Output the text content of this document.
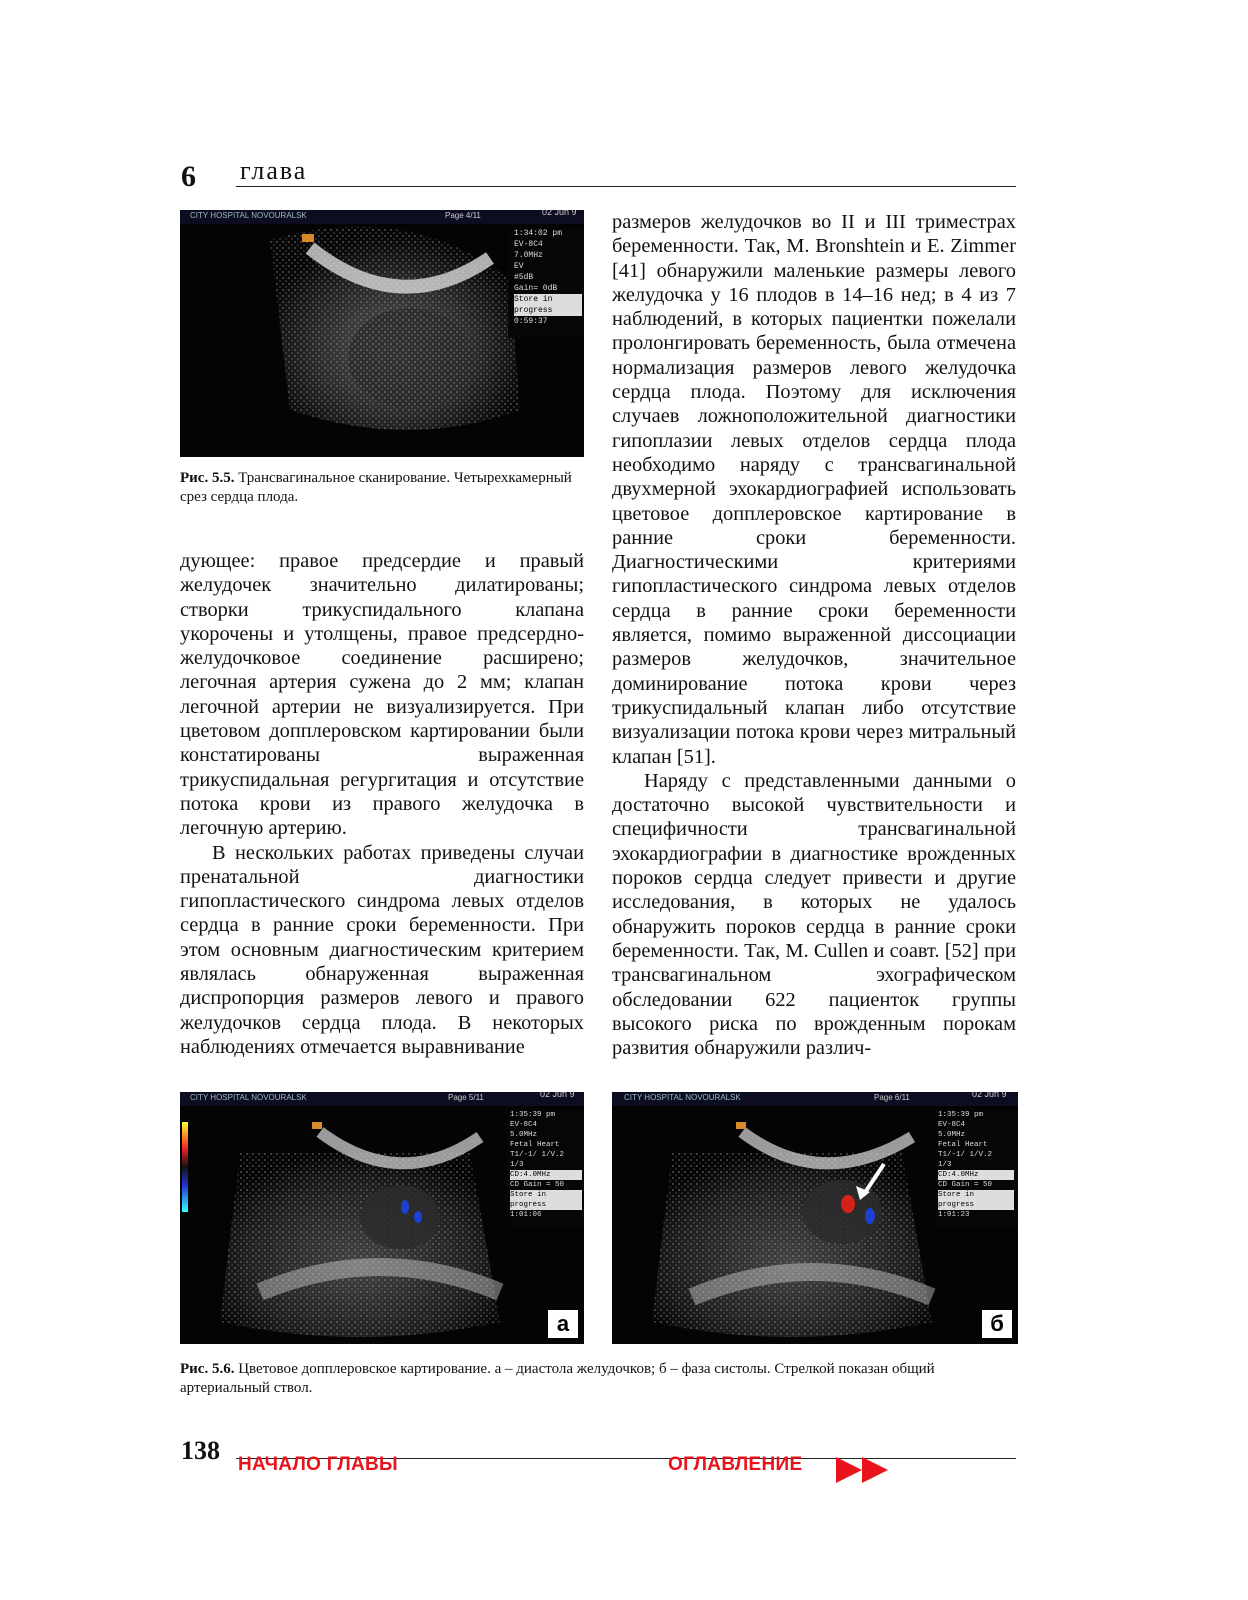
6 глава
CITY HOSPITAL NOVOURALSK	Page 4/11	02 Jun 9
1:34:02 pm
EV-8C4
7.0MHz
EV
#5dB
Gain= 0dB
Store in progress
0:59:37
Рис. 5.5. Трансвагинальное сканирование. Четырехкамерный срез сердца плода.

дующее: правое предсердие и правый желудочек значительно дилатированы; створки трикуспидального клапана укорочены и утолщены, правое предсердно-желудочковое соединение расширено; легочная артерия сужена до 2 мм; клапан легочной артерии не визуализируется. При цветовом допплеровском картировании были констатированы выраженная трикуспидальная регургитация и отсутствие потока крови из правого желудочка в легочную артерию.

В нескольких работах приведены случаи пренатальной диагностики гипопластического синдрома левых отделов сердца в ранние сроки беременности. При этом основным диагностическим критерием являлась обнаруженная выраженная диспропорция размеров левого и правого желудочков сердца плода. В некоторых наблюдениях отмечается выравнивание

размеров желудочков во II и III триместрах беременности. Так, M. Bronshtein и E. Zimmer [41] обнаружили маленькие размеры левого желудочка у 16 плодов в 14–16 нед; в 4 из 7 наблюдений, в которых пациентки пожелали пролонгировать беременность, была отмечена нормализация размеров левого желудочка сердца плода. Поэтому для исключения случаев ложноположительной диагностики гипоплазии левых отделов сердца плода необходимо наряду с трансвагинальной двухмерной эхокардиографией использовать цветовое допплеровское картирование в ранние сроки беременности. Диагностическими критериями гипопластического синдрома левых отделов сердца в ранние сроки беременности является, помимо выраженной диссоциации размеров желудочков, значительное доминирование потока крови через трикуспидальный клапан либо отсутствие визуализации потока крови через митральный клапан [51].

Наряду с представленными данными о достаточно высокой чувствительности и специфичности трансвагинальной эхокардиографии в диагностике врожденных пороков сердца следует привести и другие исследования, в которых не удалось обнаружить пороков сердца в ранние сроки беременности. Так, M. Cullen и соавт. [52] при трансвагинальном эхографическом обследовании 622 пациенток группы высокого риска по врожденным порокам развития обнаружили различ-

CITY HOSPITAL NOVOURALSK	Page 5/11	02 Jun 9
1:35:39 pm
EV-8C4
5.0MHz
Fetal Heart
T1/-1/ 1/V.2
1/3
CD:4.0MHz
CD Gain = 50
Store in progress
1:01:06
а
CITY HOSPITAL NOVOURALSK	Page 6/11	02 Jun 9
1:35:39 pm
EV-8C4
5.0MHz
Fetal Heart
T1/-1/ 1/V.2
1/3
CD:4.0MHz
CD Gain = 50
Store in progress
1:01:23
б
Рис. 5.6. Цветовое допплеровское картирование. а – диастола желудочков; б – фаза систолы. Стрелкой показан общий артериальный ствол.
138 НАЧАЛО ГЛАВЫ	ОГЛАВЛЕНИЕ
